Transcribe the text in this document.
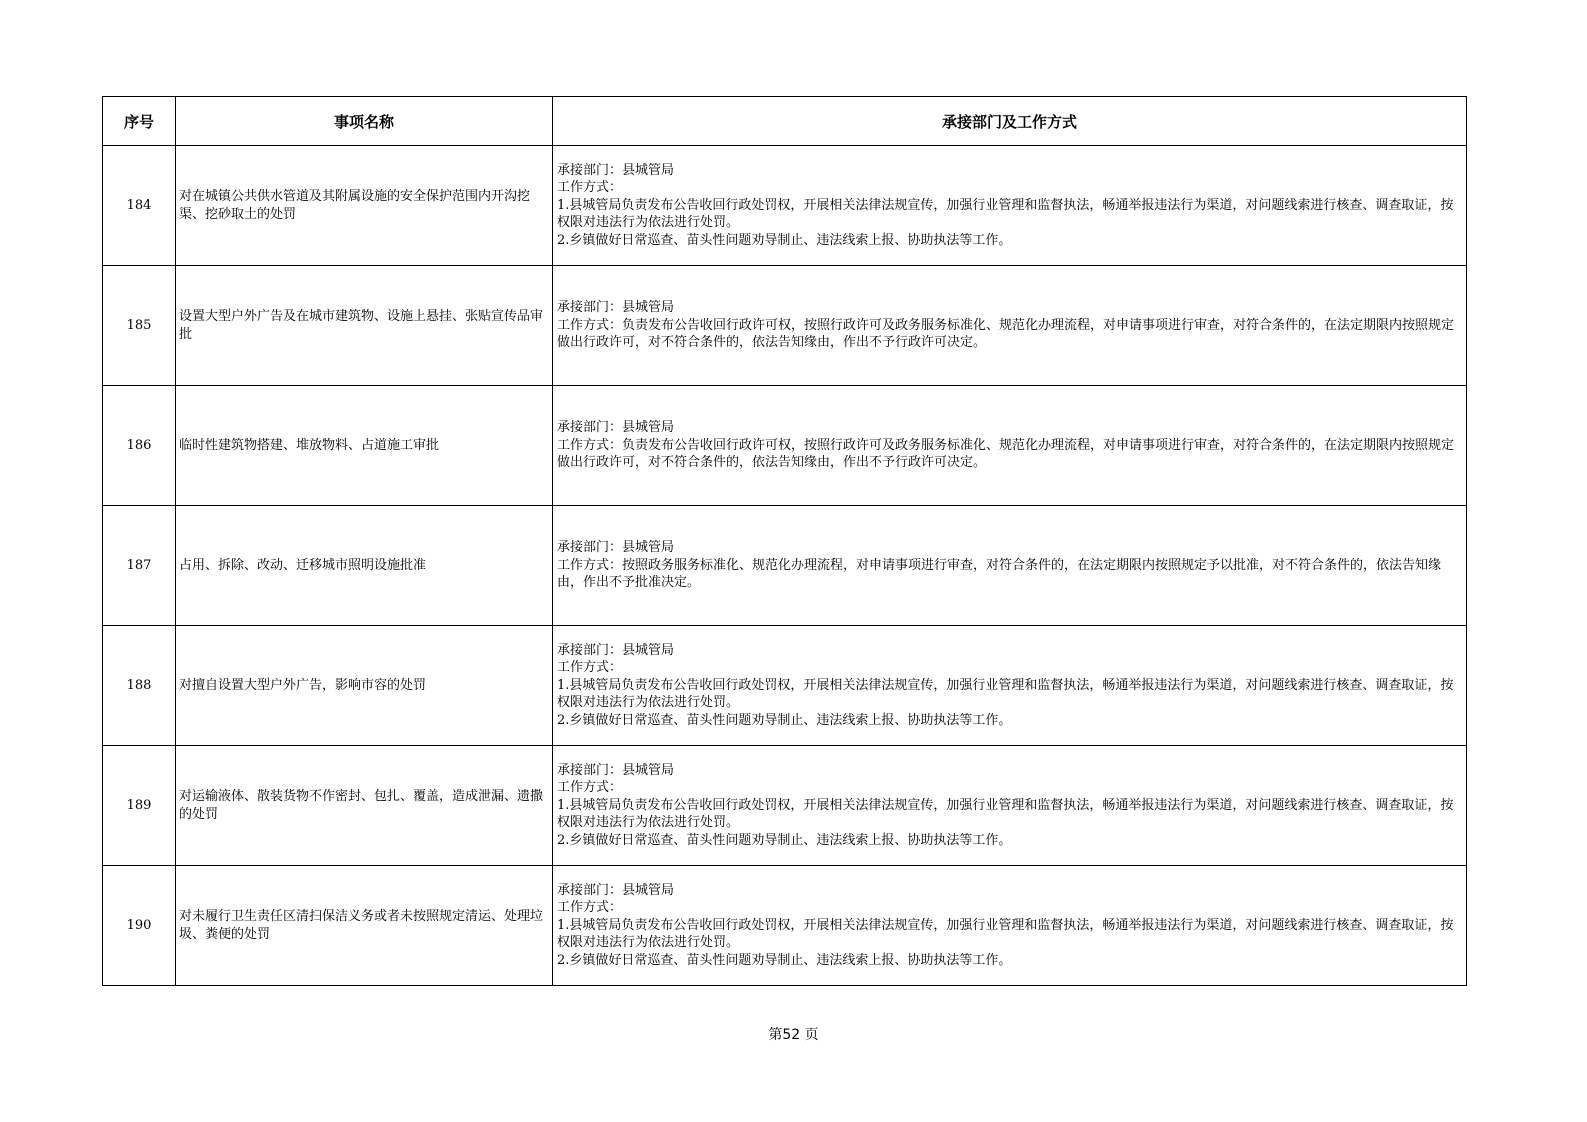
序号	事项名称	承接部门及工作方式
184	对在城镇公共供水管道及其附属设施的安全保护范围内开沟挖渠、挖砂取土的处罚	承接部门：县城管局
工作方式：
1.县城管局负责发布公告收回行政处罚权，开展相关法律法规宣传，加强行业管理和监督执法，畅通举报违法行为渠道，对问题线索进行核查、调查取证，按权限对违法行为依法进行处罚。
2.乡镇做好日常巡查、苗头性问题劝导制止、违法线索上报、协助执法等工作。

185	设置大型户外广告及在城市建筑物、设施上悬挂、张贴宣传品审批	承接部门：县城管局
工作方式：负责发布公告收回行政许可权，按照行政许可及政务服务标准化、规范化办理流程，对申请事项进行审查，对符合条件的，在法定期限内按照规定做出行政许可，对不符合条件的，依法告知缘由，作出不予行政许可决定。

186	临时性建筑物搭建、堆放物料、占道施工审批	承接部门：县城管局
工作方式：负责发布公告收回行政许可权，按照行政许可及政务服务标准化、规范化办理流程，对申请事项进行审查，对符合条件的，在法定期限内按照规定做出行政许可，对不符合条件的，依法告知缘由，作出不予行政许可决定。

187	占用、拆除、改动、迁移城市照明设施批准	承接部门：县城管局
工作方式：按照政务服务标准化、规范化办理流程，对申请事项进行审查，对符合条件的，在法定期限内按照规定予以批准，对不符合条件的，依法告知缘由，作出不予批准决定。

188	对擅自设置大型户外广告，影响市容的处罚	承接部门：县城管局
工作方式：
1.县城管局负责发布公告收回行政处罚权，开展相关法律法规宣传，加强行业管理和监督执法，畅通举报违法行为渠道，对问题线索进行核查、调查取证，按权限对违法行为依法进行处罚。
2.乡镇做好日常巡查、苗头性问题劝导制止、违法线索上报、协助执法等工作。

189	对运输液体、散装货物不作密封、包扎、覆盖，造成泄漏、遗撒的处罚	承接部门：县城管局
工作方式：
1.县城管局负责发布公告收回行政处罚权，开展相关法律法规宣传，加强行业管理和监督执法，畅通举报违法行为渠道，对问题线索进行核查、调查取证，按权限对违法行为依法进行处罚。
2.乡镇做好日常巡查、苗头性问题劝导制止、违法线索上报、协助执法等工作。

190	对未履行卫生责任区清扫保洁义务或者未按照规定清运、处理垃圾、粪便的处罚	承接部门：县城管局
工作方式：
1.县城管局负责发布公告收回行政处罚权，开展相关法律法规宣传，加强行业管理和监督执法，畅通举报违法行为渠道，对问题线索进行核查、调查取证，按权限对违法行为依法进行处罚。
2.乡镇做好日常巡查、苗头性问题劝导制止、违法线索上报、协助执法等工作。
第52 页
